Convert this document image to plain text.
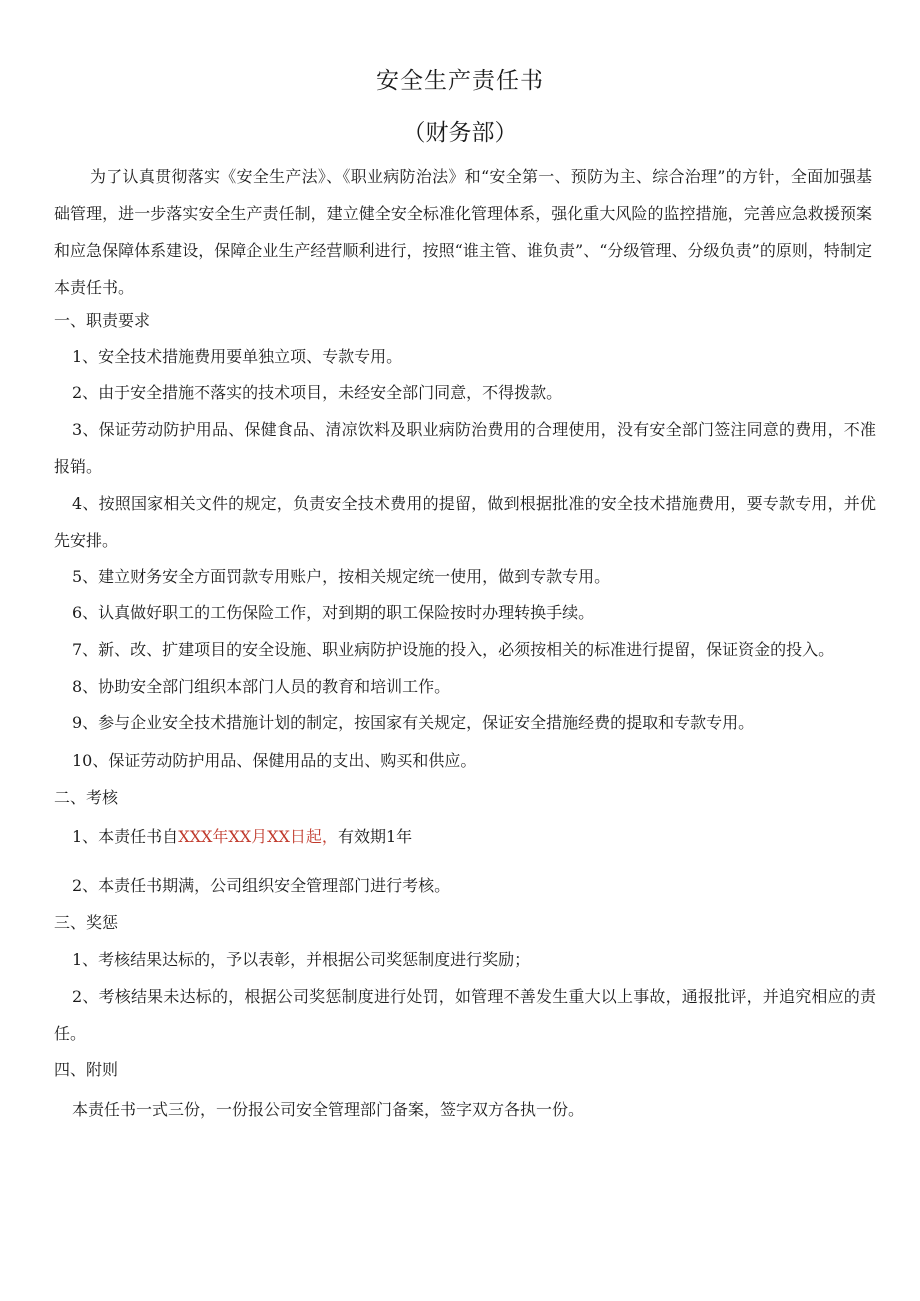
安全生产责任书
（财务部）

为了认真贯彻落实《安全生产法》、《职业病防治法》和“安全第一、预防为主、综合治理”的方针，全面加强基础管理，进一步落实安全生产责任制，建立健全安全标准化管理体系，强化重大风险的监控措施，完善应急救援预案和应急保障体系建设，保障企业生产经营顺利进行，按照“谁主管、谁负责”、“分级管理、分级负责”的原则，特制定本责任书。

一、职责要求

1、安全技术措施费用要单独立项、专款专用。

2、由于安全措施不落实的技术项目，未经安全部门同意，不得拨款。

3、保证劳动防护用品、保健食品、清凉饮料及职业病防治费用的合理使用，没有安全部门签注同意的费用，不准报销。

4、按照国家相关文件的规定，负责安全技术费用的提留，做到根据批准的安全技术措施费用，要专款专用，并优先安排。

5、建立财务安全方面罚款专用账户，按相关规定统一使用，做到专款专用。

6、认真做好职工的工伤保险工作，对到期的职工保险按时办理转换手续。

7、新、改、扩建项目的安全设施、职业病防护设施的投入，必须按相关的标准进行提留，保证资金的投入。

8、协助安全部门组织本部门人员的教育和培训工作。

9、参与企业安全技术措施计划的制定，按国家有关规定，保证安全措施经费的提取和专款专用。

10、保证劳动防护用品、保健用品的支出、购买和供应。

二、考核

1、本责任书自XXX年XX月XX日起，有效期1年

2、本责任书期满，公司组织安全管理部门进行考核。

三、奖惩

1、考核结果达标的，予以表彰，并根据公司奖惩制度进行奖励；

2、考核结果未达标的，根据公司奖惩制度进行处罚，如管理不善发生重大以上事故，通报批评，并追究相应的责任。

四、附则

本责任书一式三份，一份报公司安全管理部门备案，签字双方各执一份。
